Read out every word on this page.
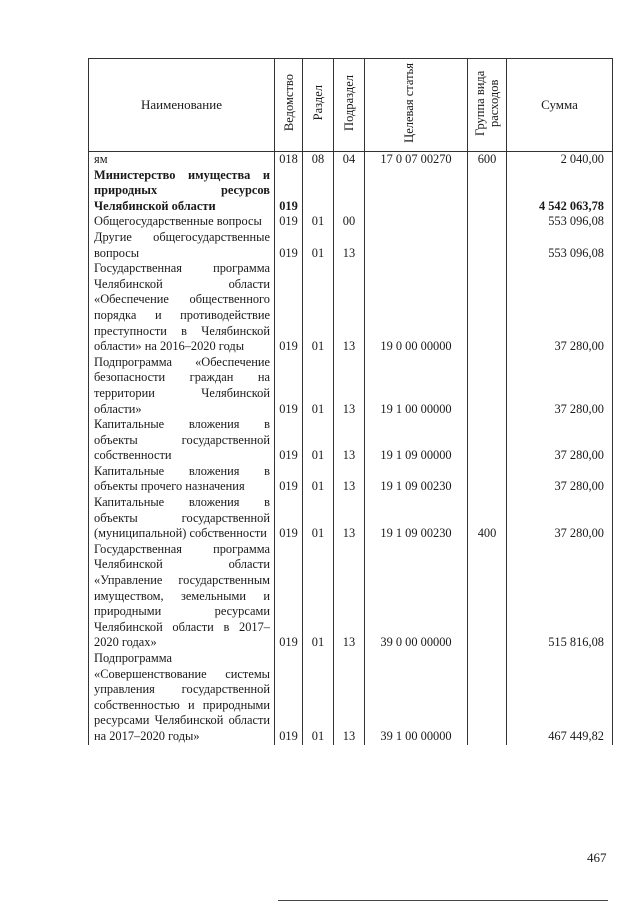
Наименование	Ведомство	Раздел	Подраздел	Целевая статья	Группа вида расходов	Сумма
ям	018	08	04	17 0 07 00270	600	2 040,00
Министерство имущества и природных ресурсов Челябинской области	019					4 542 063,78
Общегосударственные вопросы	019	01	00			553 096,08
Другие общегосударственные вопросы	019	01	13			553 096,08
Государственная программа Челябинской области «Обеспечение общественного порядка и противодействие преступности в Челябинской области» на 2016–2020 годы	019	01	13	19 0 00 00000		37 280,00
Подпрограмма «Обеспечение безопасности граждан на территории Челябинской области»	019	01	13	19 1 00 00000		37 280,00
Капитальные вложения в объекты государственной собственности	019	01	13	19 1 09 00000		37 280,00
Капитальные вложения в объекты прочего назначения	019	01	13	19 1 09 00230		37 280,00
Капитальные вложения в объекты государственной (муниципальной) собственности	019	01	13	19 1 09 00230	400	37 280,00
Государственная программа Челябинской области «Управление государственным имуществом, земельными и природными ресурсами Челябинской области в 2017–2020 годах»	019	01	13	39 0 00 00000		515 816,08
Подпрограмма «Совершенствование системы управления государственной собственностью и природными ресурсами Челябинской области на 2017–2020 годы»	019	01	13	39 1 00 00000		467 449,82
467
